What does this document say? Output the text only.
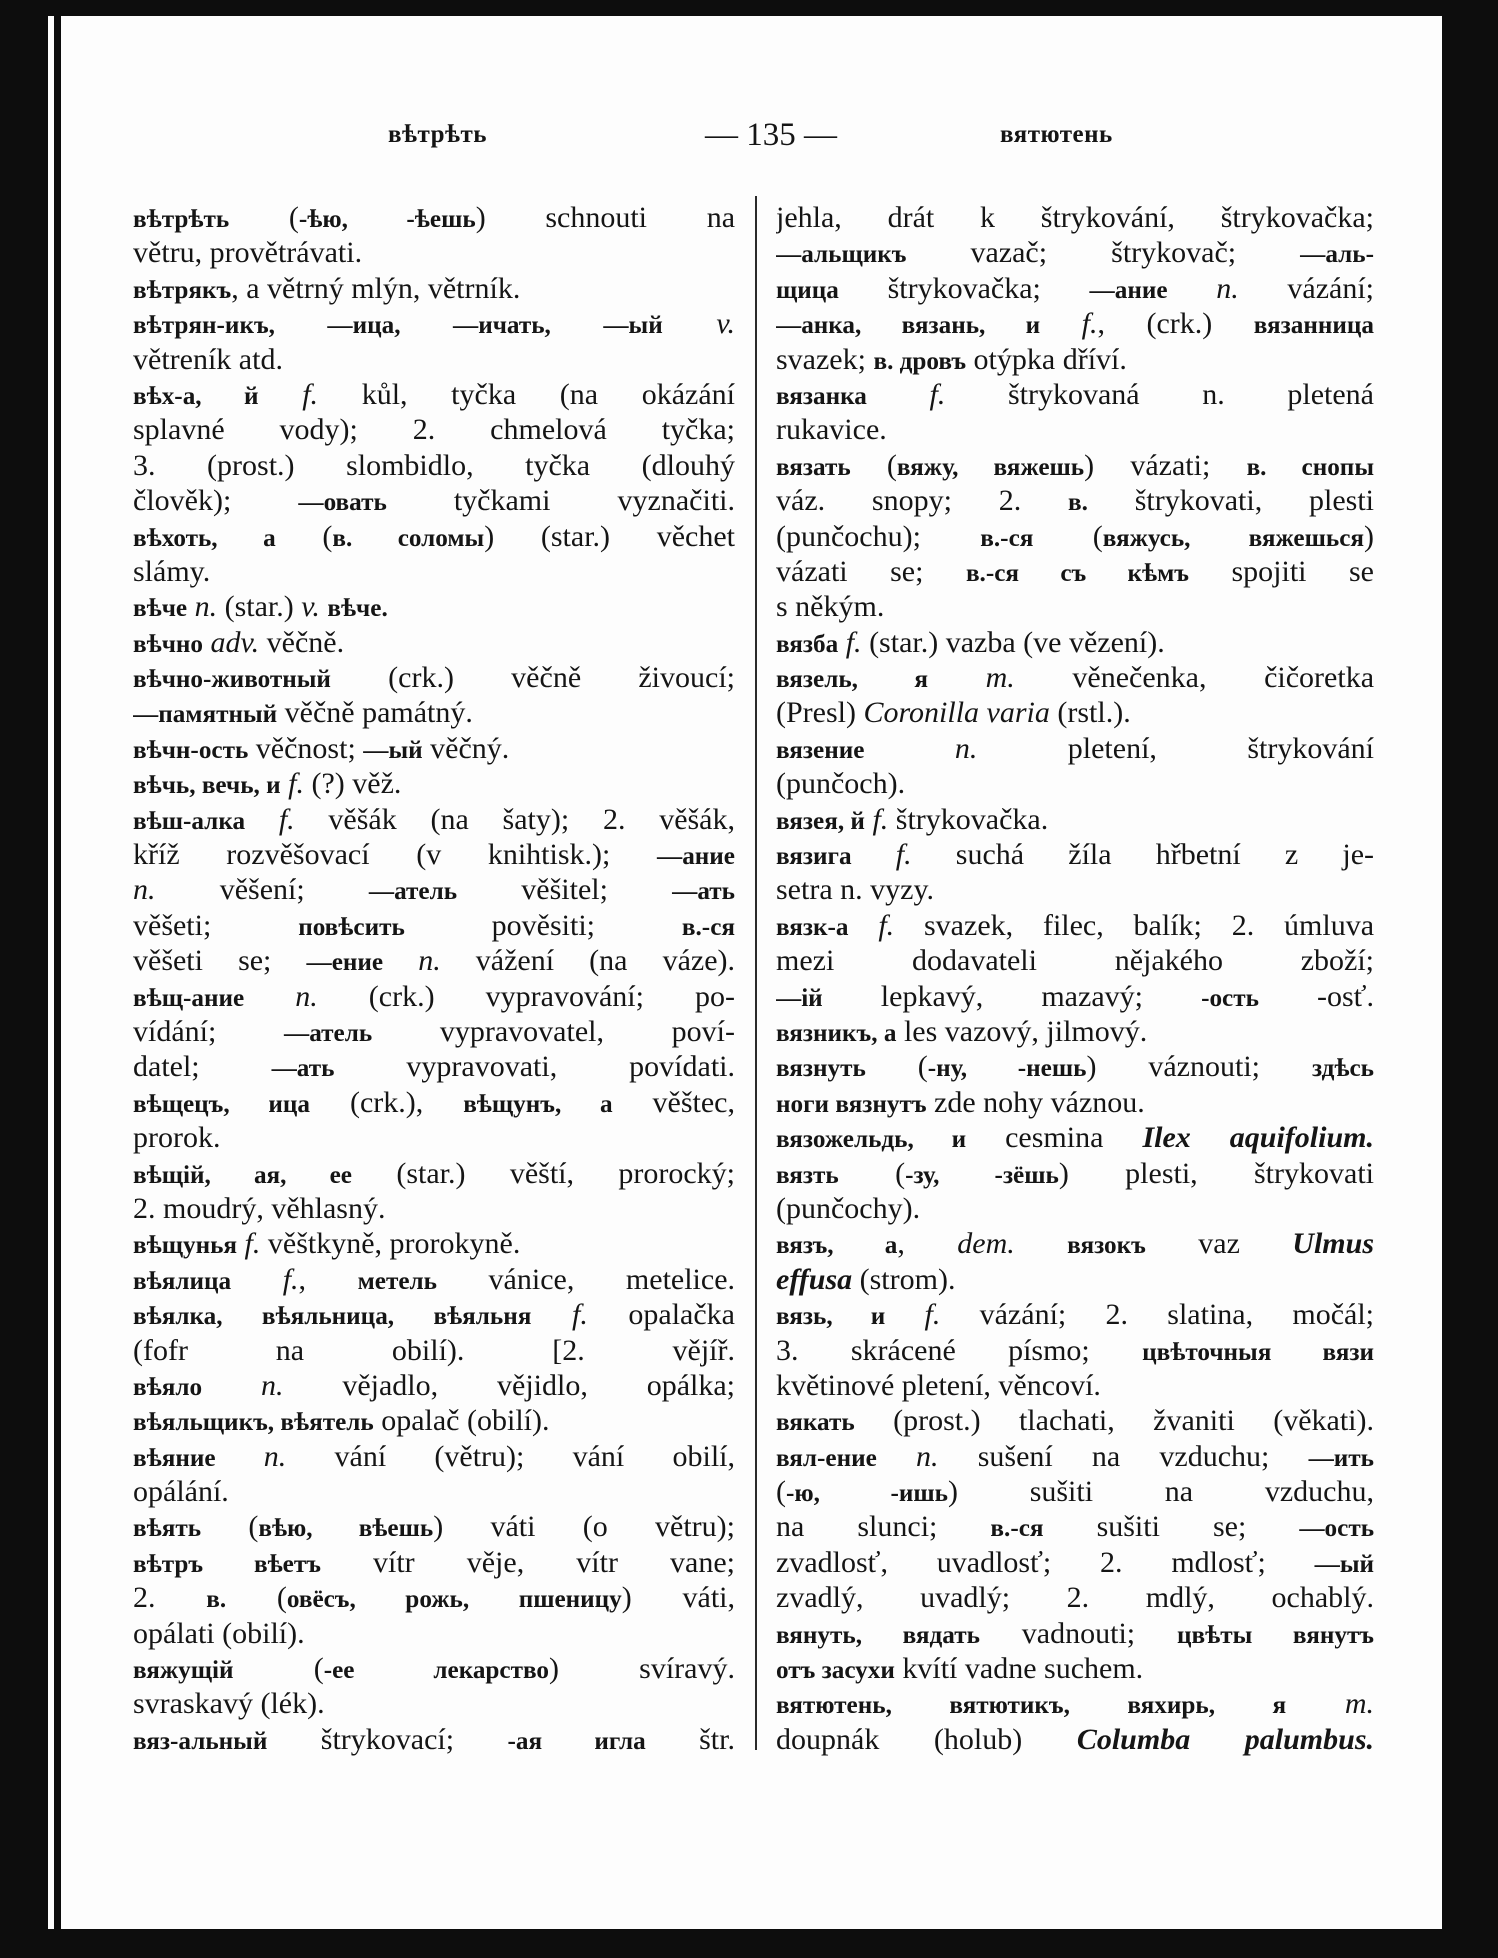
вѣтрѣть	— 135 —	вятютень
вѣтрѣть (-ѣю, -ѣешь) schnouti na
větru, provětrávati.
вѣтрякъ, a větrný mlýn, větrník.
вѣтрян-икъ, —ица, —ичать, —ый v.
větreník atd.
вѣх-а, й f. kůl, tyčka (na okázání
splavné vody); 2. chmelová tyčka;
3. (prost.) slombidlo, tyčka (dlouhý
člověk); —овать tyčkami vyznačiti.
вѣхоть, а (в. соломы) (star.) věchet
slámy.
вѣче n. (star.) v. вѣче.
вѣчно adv. věčně.
вѣчно-животный (crk.) věčně živoucí;
—памятный věčně památný.
вѣчн-ость věčnost; —ый věčný.
вѣчь, вечь, и f. (?) věž.
вѣш-алка f. věšák (na šaty); 2. věšák,
kříž rozvěšovací (v knihtisk.); —ание
n. věšení; —атель věšitel; —ать
věšeti; повѣсить pověsiti; в.-ся
věšeti se; —ение n. vážení (na váze).
вѣщ-ание n. (crk.) vypravování; po-
vídání; —атель vypravovatel, poví-
datel; —ать vypravovati, povídati.
вѣщецъ, ица (crk.), вѣщунъ, а věštec,
prorok.
вѣщій, ая, ее (star.) věští, prorocký;
2. moudrý, věhlasný.
вѣщунья f. věštkyně, prorokyně.
вѣялица f., метель vánice, metelice.
вѣялка, вѣяльница, вѣяльня f. opalačka
(fofr na obilí). [2. vějíř.
вѣяло n. vějadlo, vějidlo, opálka;
вѣяльщикъ, вѣятель opalač (obilí).
вѣяние n. vání (větru); vání obilí,
opálání.
вѣять (вѣю, вѣешь) váti (o větru);
вѣтръ вѣетъ vítr věje, vítr vane;
2. в. (овёсъ, рожь, пшеницу) váti,
opálati (obilí).
вяжущій (-ее лекарство) svíravý.
svraskavý (lék).
вяз-альный štrykovací; -ая игла štr.
jehla, drát k štrykování, štrykovačka;
—альщикъ vazač; štrykovač; —аль-
щица štrykovačka; —ание n. vázání;
—анка, вязань, и f., (crk.) вязанница
svazek; в. дровъ otýpka dříví.
вязанка f. štrykovaná n. pletená
rukavice.
вязать (вяжу, вяжешь) vázati; в. снопы
váz. snopy; 2. в. štrykovati, plesti
(punčochu); в.-ся (вяжусь, вяжешься)
vázati se; в.-ся съ кѣмъ spojiti se
s někým.
вязба f. (star.) vazba (ve vězení).
вязель, я m. věnečenka, čičoretka
(Presl) Coronilla varia (rstl.).
вязение	n. pletení, štrykování
(punčoch).
вязея, й f. štrykovačka.
вязига f. suchá žíla hřbetní z je-
setra n. vyzy.
вязк-а f. svazek, filec, balík; 2. úmluva
mezi dodavateli nějakého zboží;
—ій lepkavý, mazavý; -ость -osť.
вязникъ, а les vazový, jilmový.
вязнуть (-ну, -нешь) váznouti; здѣсь
ноги вязнутъ zde nohy váznou.
вязожельдь, и cesmina Ilex aquifolium.
вязть (-зу, -зёшь) plesti, štrykovati
(punčochy).
вязъ, а, dem. вязокъ vaz Ulmus
effusa (strom).
вязь, и f. vázání; 2. slatina, močál;
3. skrácené písmo; цвѣточныя вязи
květinové pletení, věncoví.
вякать (prost.) tlachati, žvaniti (věkati).
вял-ение n. sušení na vzduchu; —ить
(-ю, -ишь) sušiti na vzduchu,
na slunci; в.-ся sušiti se; —ость
zvadlosť, uvadlosť; 2. mdlosť; —ый
zvadlý, uvadlý; 2. mdlý, ochablý.
вянуть, вядать vadnouti; цвѣты вянутъ
отъ засухи kvítí vadne suchem.
вятютень, вятютикъ, вяхирь, я m.
doupnák (holub) Columba palumbus.
